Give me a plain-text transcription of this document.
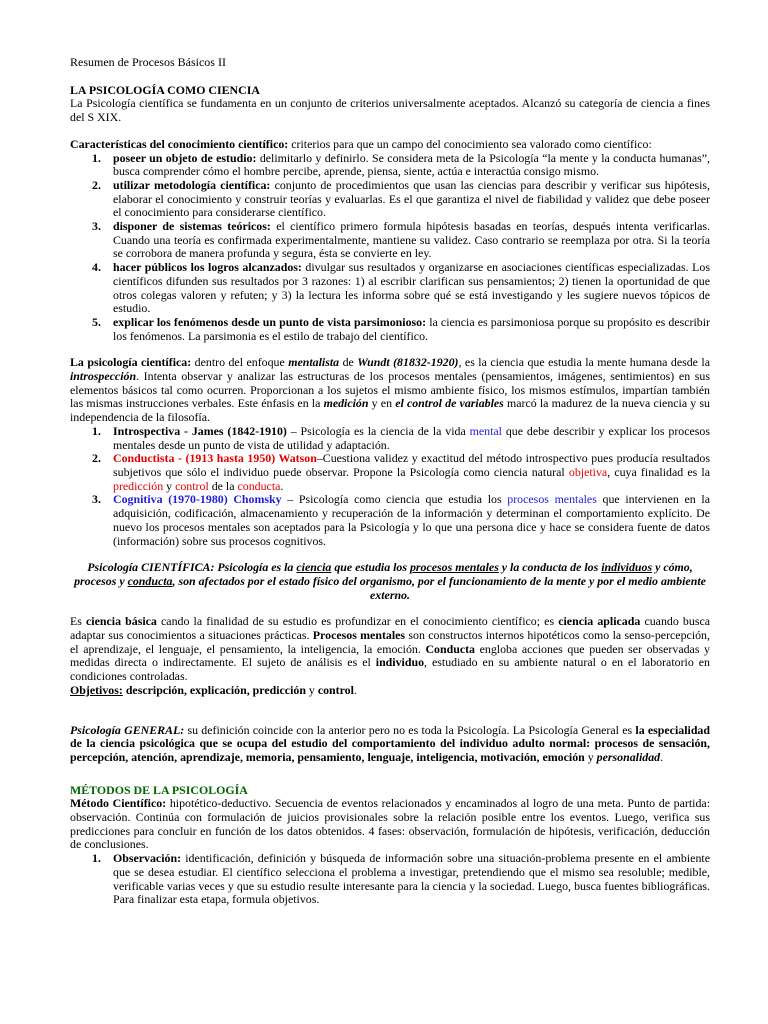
Resumen de Procesos Básicos II

LA PSICOLOGÍA COMO CIENCIA

La Psicología científica se fundamenta en un conjunto de criterios universalmente aceptados. Alcanzó su categoría de ciencia a fines del S XIX.

Características del conocimiento científico: criterios para que un campo del conocimiento sea valorado como científico:

1. poseer un objeto de estudio: delimitarlo y definirlo. Se considera meta de la Psicología “la mente y la conducta humanas”, busca comprender cómo el hombre percibe, aprende, piensa, siente, actúa e interactúa consigo mismo.
2. utilizar metodología científica: conjunto de procedimientos que usan las ciencias para describir y verificar sus hipótesis, elaborar el conocimiento y construir teorías y evaluarlas. Es el que garantiza el nivel de fiabilidad y validez que debe poseer el conocimiento para considerarse científico.
3. disponer de sistemas teóricos: el científico primero formula hipótesis basadas en teorías, después intenta verificarlas. Cuando una teoría es confirmada experimentalmente, mantiene su validez. Caso contrario se reemplaza por otra. Si la teoría se corrobora de manera profunda y segura, ésta se convierte en ley.
4. hacer públicos los logros alcanzados: divulgar sus resultados y organizarse en asociaciones científicas especializadas. Los científicos difunden sus resultados por 3 razones: 1) al escribir clarifican sus pensamientos; 2) tienen la oportunidad de que otros colegas valoren y refuten; y 3) la lectura les informa sobre qué se está investigando y les sugiere nuevos tópicos de estudio.
5. explicar los fenómenos desde un punto de vista parsimonioso: la ciencia es parsimoniosa porque su propósito es describir los fenómenos. La parsimonia es el estilo de trabajo del científico.

La psicología científica: dentro del enfoque mentalista de Wundt (81832-1920), es la ciencia que estudia la mente humana desde la introspección. Intenta observar y analizar las estructuras de los procesos mentales (pensamientos, imágenes, sentimientos) en sus elementos básicos tal como ocurren. Proporcionan a los sujetos el mismo ambiente físico, los mismos estímulos, impartían también las mismas instrucciones verbales. Este énfasis en la medición y en el control de variables marcó la madurez de la nueva ciencia y su independencia de la filosofía.

1. Introspectiva - James (1842-1910) – Psicología es la ciencia de la vida mental que debe describir y explicar los procesos mentales desde un punto de vista de utilidad y adaptación.
2. Conductista - (1913 hasta 1950) Watson–Cuestiona validez y exactitud del método introspectivo pues producía resultados subjetivos que sólo el individuo puede observar. Propone la Psicología como ciencia natural objetiva, cuya finalidad es la predicción y control de la conducta.
3. Cognitiva (1970-1980) Chomsky – Psicología como ciencia que estudia los procesos mentales que intervienen en la adquisición, codificación, almacenamiento y recuperación de la información y determinan el comportamiento explícito. De nuevo los procesos mentales son aceptados para la Psicología y lo que una persona dice y hace se considera fuente de datos (información) sobre sus procesos cognitivos.

Psicología CIENTÍFICA: Psicología es la ciencia que estudia los procesos mentales y la conducta de los individuos y cómo, procesos y conducta, son afectados por el estado físico del organismo, por el funcionamiento de la mente y por el medio ambiente externo.

Es ciencia básica cando la finalidad de su estudio es profundizar en el conocimiento científico; es ciencia aplicada cuando busca adaptar sus conocimientos a situaciones prácticas. Procesos mentales son constructos internos hipotéticos como la senso-percepción, el aprendizaje, el lenguaje, el pensamiento, la inteligencia, la emoción. Conducta engloba acciones que pueden ser observadas y medidas directa o indirectamente. El sujeto de análisis es el individuo, estudiado en su ambiente natural o en el laboratorio en condiciones controladas.

Objetivos: descripción, explicación, predicción y control.

Psicología GENERAL: su definición coincide con la anterior pero no es toda la Psicología. La Psicología General es la especialidad de la ciencia psicológica que se ocupa del estudio del comportamiento del individuo adulto normal: procesos de sensación, percepción, atención, aprendizaje, memoria, pensamiento, lenguaje, inteligencia, motivación, emoción y personalidad.

MÉTODOS DE LA PSICOLOGÍA

Método Científico: hipotético-deductivo. Secuencia de eventos relacionados y encaminados al logro de una meta. Punto de partida: observación. Continúa con formulación de juicios provisionales sobre la relación posible entre los eventos. Luego, verifica sus predicciones para concluir en función de los datos obtenidos. 4 fases: observación, formulación de hipótesis, verificación, deducción de conclusiones.

1. Observación: identificación, definición y búsqueda de información sobre una situación-problema presente en el ambiente que se desea estudiar. El científico selecciona el problema a investigar, pretendiendo que el mismo sea resoluble; medible, verificable varias veces y que su estudio resulte interesante para la ciencia y la sociedad. Luego, busca fuentes bibliográficas. Para finalizar esta etapa, formula objetivos.
